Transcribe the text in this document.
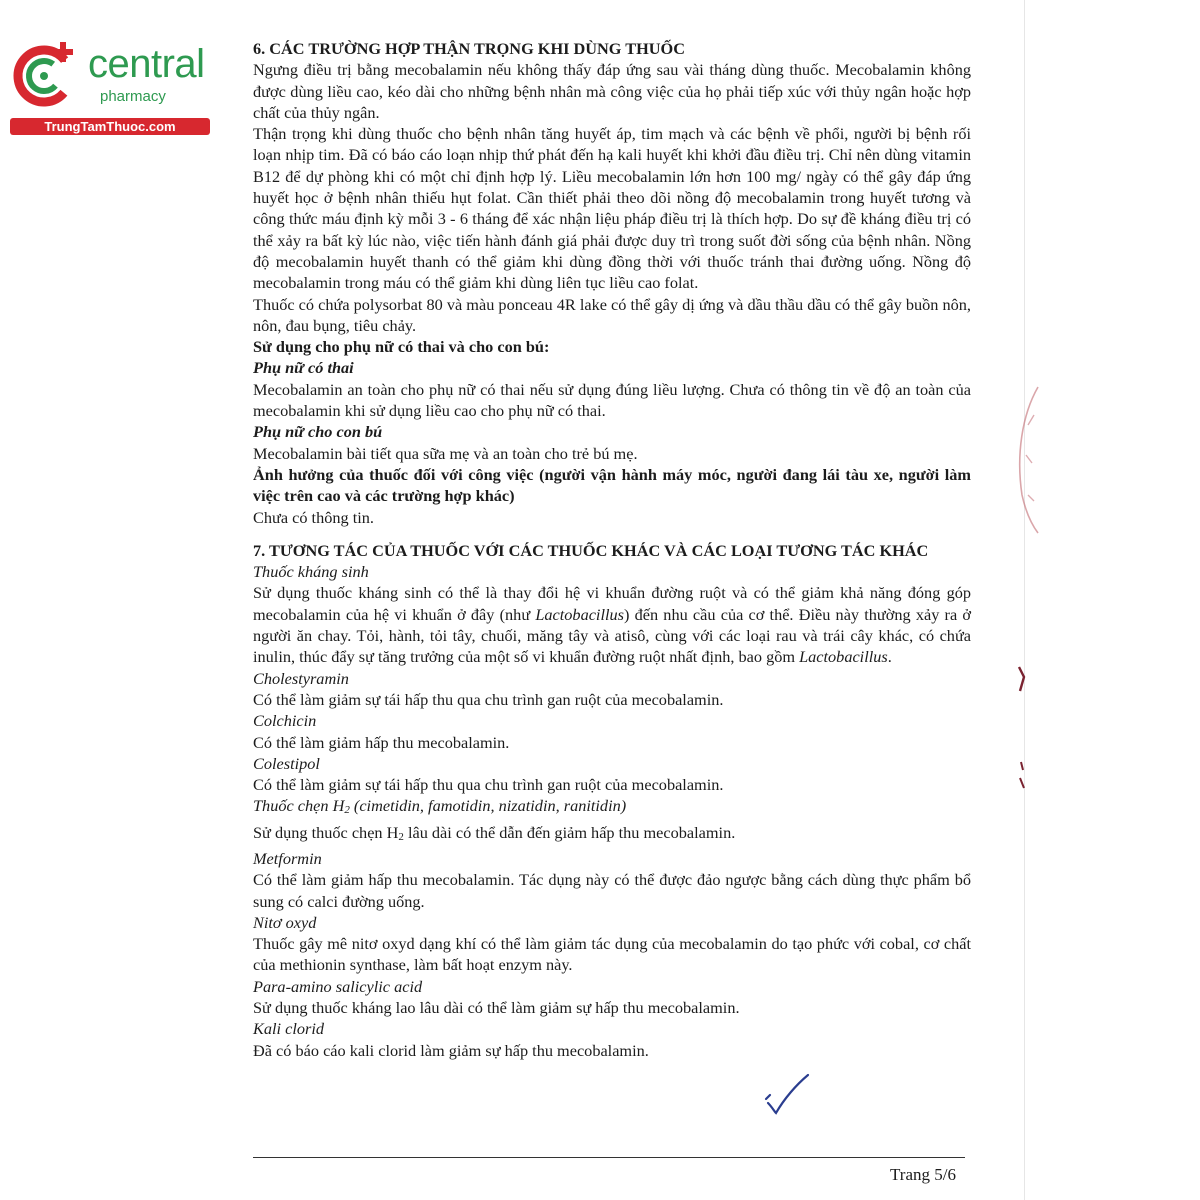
central
pharmacy
TrungTamThuoc.com

6. CÁC TRƯỜNG HỢP THẬN TRỌNG KHI DÙNG THUỐC

Ngưng điều trị bằng mecobalamin nếu không thấy đáp ứng sau vài tháng dùng thuốc. Mecobalamin không được dùng liều cao, kéo dài cho những bệnh nhân mà công việc của họ phải tiếp xúc với thủy ngân hoặc hợp chất của thủy ngân.

Thận trọng khi dùng thuốc cho bệnh nhân tăng huyết áp, tim mạch và các bệnh về phổi, người bị bệnh rối loạn nhịp tim. Đã có báo cáo loạn nhịp thứ phát đến hạ kali huyết khi khởi đầu điều trị. Chỉ nên dùng vitamin B12 để dự phòng khi có một chỉ định hợp lý. Liều mecobalamin lớn hơn 100 mg/ ngày có thể gây đáp ứng huyết học ở bệnh nhân thiếu hụt folat. Cần thiết phải theo dõi nồng độ mecobalamin trong huyết tương và công thức máu định kỳ mỗi 3 - 6 tháng để xác nhận liệu pháp điều trị là thích hợp. Do sự đề kháng điều trị có thể xảy ra bất kỳ lúc nào, việc tiến hành đánh giá phải được duy trì trong suốt đời sống của bệnh nhân. Nồng độ mecobalamin huyết thanh có thể giảm khi dùng đồng thời với thuốc tránh thai đường uống. Nồng độ mecobalamin trong máu có thể giảm khi dùng liên tục liều cao folat.

Thuốc có chứa polysorbat 80 và màu ponceau 4R lake có thể gây dị ứng và dầu thầu dầu có thể gây buồn nôn, nôn, đau bụng, tiêu chảy.

Sử dụng cho phụ nữ có thai và cho con bú:

Phụ nữ có thai

Mecobalamin an toàn cho phụ nữ có thai nếu sử dụng đúng liều lượng. Chưa có thông tin về độ an toàn của mecobalamin khi sử dụng liều cao cho phụ nữ có thai.

Phụ nữ cho con bú

Mecobalamin bài tiết qua sữa mẹ và an toàn cho trẻ bú mẹ.

Ảnh hưởng của thuốc đối với công việc (người vận hành máy móc, người đang lái tàu xe, người làm việc trên cao và các trường hợp khác)

Chưa có thông tin.

7. TƯƠNG TÁC CỦA THUỐC VỚI CÁC THUỐC KHÁC VÀ CÁC LOẠI TƯƠNG TÁC KHÁC

Thuốc kháng sinh

Sử dụng thuốc kháng sinh có thể là thay đổi hệ vi khuẩn đường ruột và có thể giảm khả năng đóng góp mecobalamin của hệ vi khuẩn ở đây (như Lactobacillus) đến nhu cầu của cơ thể. Điều này thường xảy ra ở người ăn chay. Tỏi, hành, tỏi tây, chuối, măng tây và atisô, cùng với các loại rau và trái cây khác, có chứa inulin, thúc đẩy sự tăng trưởng của một số vi khuẩn đường ruột nhất định, bao gồm Lactobacillus.

Cholestyramin

Có thể làm giảm sự tái hấp thu qua chu trình gan ruột của mecobalamin.

Colchicin

Có thể làm giảm hấp thu mecobalamin.

Colestipol

Có thể làm giảm sự tái hấp thu qua chu trình gan ruột của mecobalamin.

Thuốc chẹn H2 (cimetidin, famotidin, nizatidin, ranitidin)

Sử dụng thuốc chẹn H2 lâu dài có thể dẫn đến giảm hấp thu mecobalamin.

Metformin

Có thể làm giảm hấp thu mecobalamin. Tác dụng này có thể được đảo ngược bằng cách dùng thực phẩm bổ sung có calci đường uống.

Nitơ oxyd

Thuốc gây mê nitơ oxyd dạng khí có thể làm giảm tác dụng của mecobalamin do tạo phức với cobal, cơ chất của methionin synthase, làm bất hoạt enzym này.

Para-amino salicylic acid

Sử dụng thuốc kháng lao lâu dài có thể làm giảm sự hấp thu mecobalamin.

Kali clorid

Đã có báo cáo kali clorid làm giảm sự hấp thu mecobalamin.

Trang 5/6
